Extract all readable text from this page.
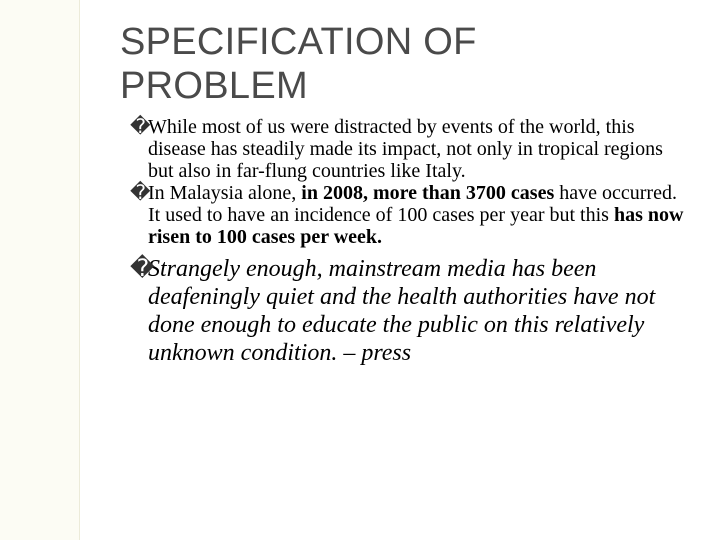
SPECIFICATION OF
PROBLEM
�
While most of us were distracted by events of the world, this disease has steadily made its impact, not only in tropical regions but also in far-flung countries like Italy.
�
In Malaysia alone, in 2008, more than 3700 cases have occurred. It used to have an incidence of 100 cases per year but this has now risen to 100 cases per week.
�
Strangely enough, mainstream media has been deafeningly quiet and the health authorities have not done enough to educate the public on this relatively unknown condition. – press
